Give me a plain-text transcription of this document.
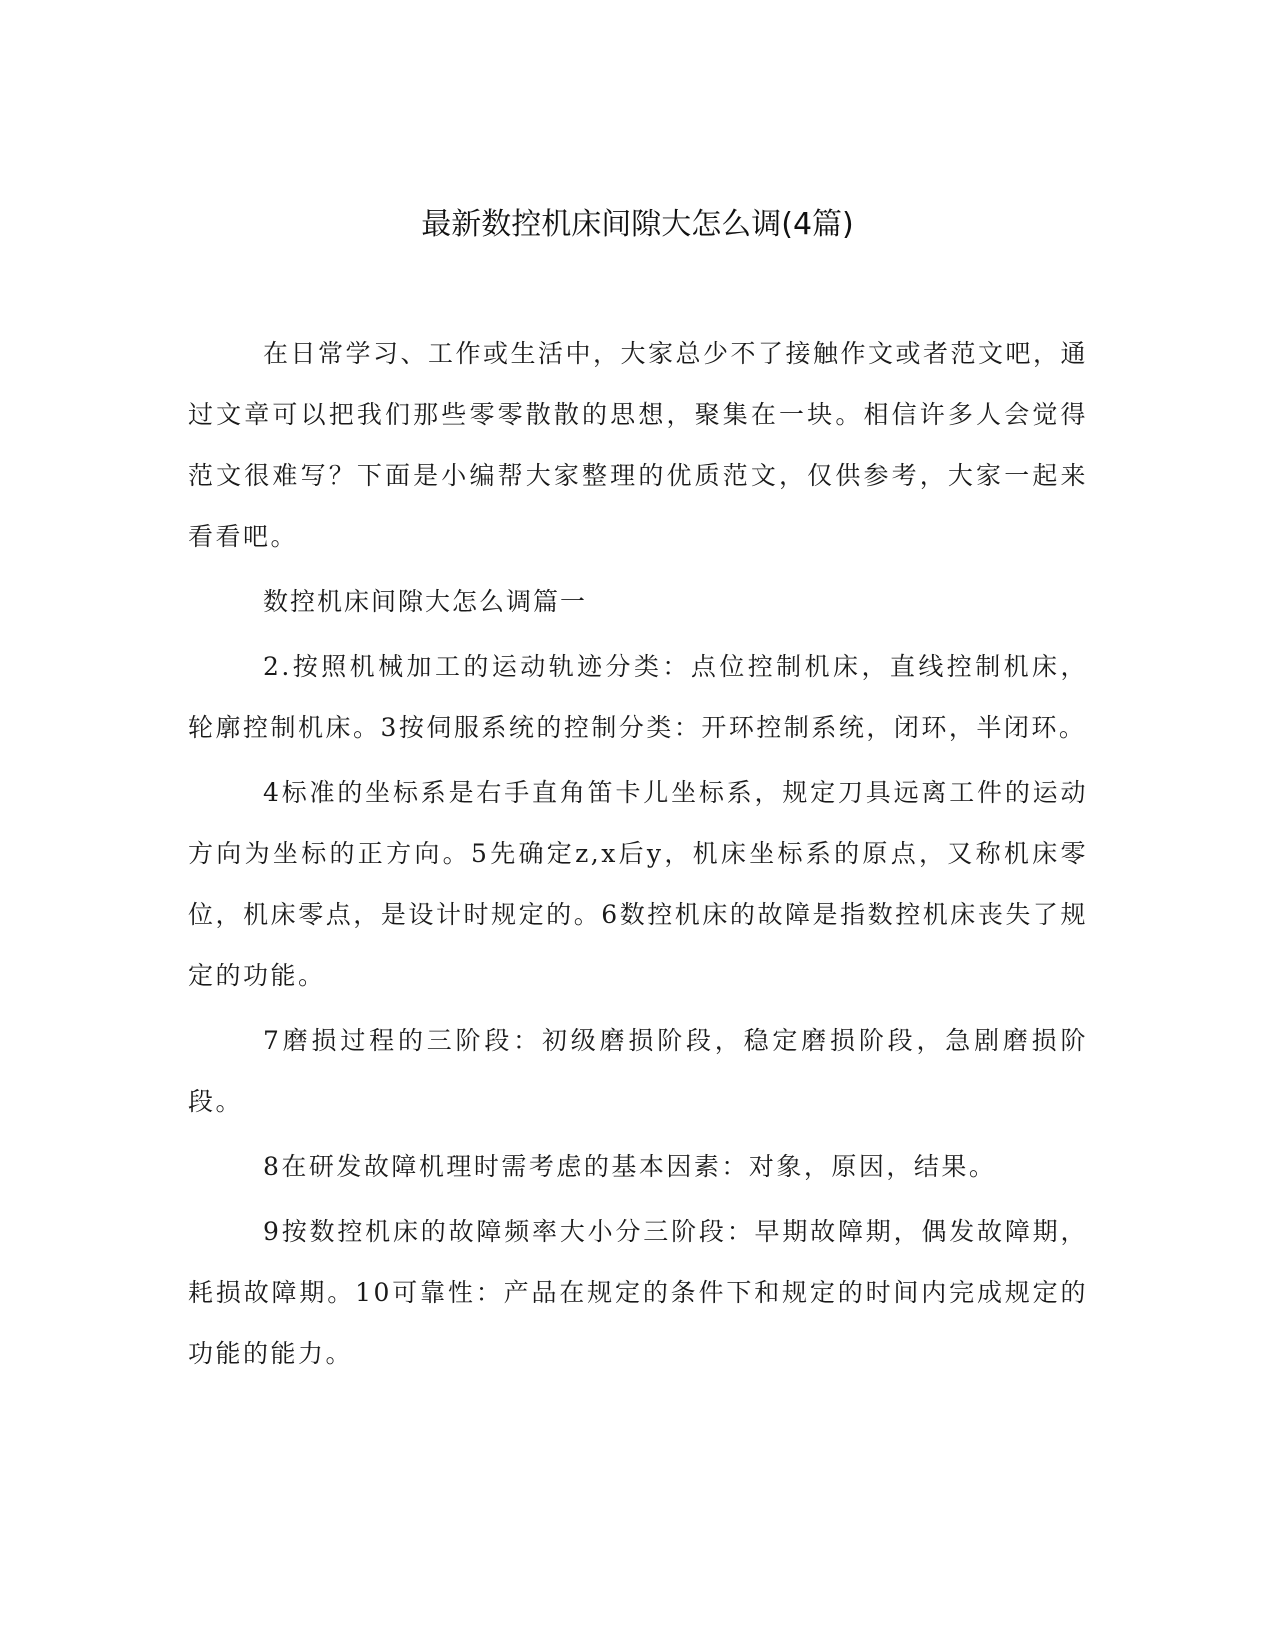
最新数控机床间隙大怎么调(4篇)

在日常学习、工作或生活中，大家总少不了接触作文或者范文吧，通过文章可以把我们那些零零散散的思想，聚集在一块。相信许多人会觉得范文很难写？下面是小编帮大家整理的优质范文，仅供参考，大家一起来看看吧。

数控机床间隙大怎么调篇一

2.按照机械加工的运动轨迹分类：点位控制机床，直线控制机床，轮廓控制机床。3按伺服系统的控制分类：开环控制系统，闭环，半闭环。

4标准的坐标系是右手直角笛卡儿坐标系，规定刀具远离工件的运动方向为坐标的正方向。5先确定z,x后y，机床坐标系的原点，又称机床零位，机床零点，是设计时规定的。6数控机床的故障是指数控机床丧失了规定的功能。

7磨损过程的三阶段：初级磨损阶段，稳定磨损阶段，急剧磨损阶段。

8在研发故障机理时需考虑的基本因素：对象，原因，结果。

9按数控机床的故障频率大小分三阶段：早期故障期，偶发故障期，耗损故障期。10可靠性：产品在规定的条件下和规定的时间内完成规定的功能的能力。
